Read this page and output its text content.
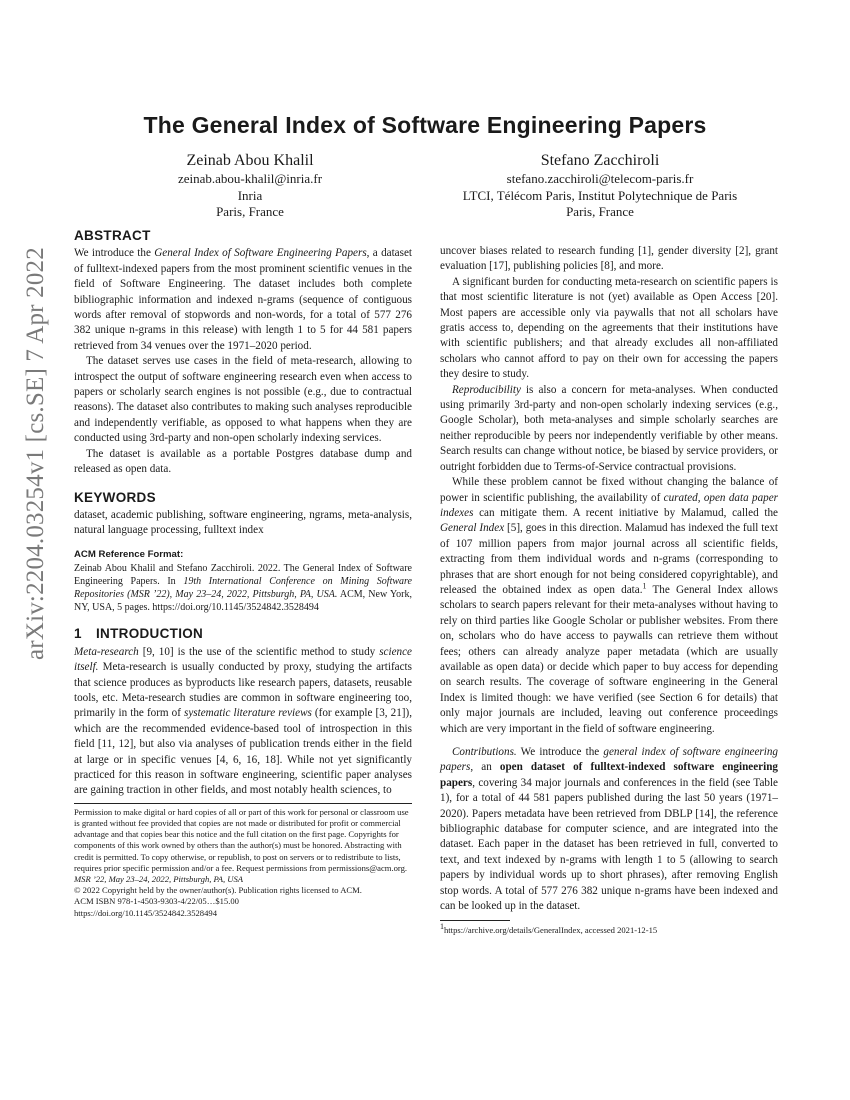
arXiv:2204.03254v1 [cs.SE] 7 Apr 2022
The General Index of Software Engineering Papers
Zeinab Abou Khalil
zeinab.abou-khalil@inria.fr
Inria
Paris, France
Stefano Zacchiroli
stefano.zacchiroli@telecom-paris.fr
LTCI, Télécom Paris, Institut Polytechnique de Paris
Paris, France
ABSTRACT

We introduce the General Index of Software Engineering Papers, a dataset of fulltext-indexed papers from the most prominent scientific venues in the field of Software Engineering. The dataset includes both complete bibliographic information and indexed n-grams (sequence of contiguous words after removal of stopwords and non-words, for a total of 577 276 382 unique n-grams in this release) with length 1 to 5 for 44 581 papers retrieved from 34 venues over the 1971–2020 period.

The dataset serves use cases in the field of meta-research, allowing to introspect the output of software engineering research even when access to papers or scholarly search engines is not possible (e.g., due to contractual reasons). The dataset also contributes to making such analyses reproducible and independently verifiable, as opposed to what happens when they are conducted using 3rd-party and non-open scholarly indexing services.

The dataset is available as a portable Postgres database dump and released as open data.

KEYWORDS

dataset, academic publishing, software engineering, ngrams, meta-analysis, natural language processing, fulltext index

ACM Reference Format:

Zeinab Abou Khalil and Stefano Zacchiroli. 2022. The General Index of Software Engineering Papers. In 19th International Conference on Mining Software Repositories (MSR ’22), May 23–24, 2022, Pittsburgh, PA, USA. ACM, New York, NY, USA, 5 pages. https://doi.org/10.1145/3524842.3528494

1 INTRODUCTION

Meta-research [9, 10] is the use of the scientific method to study science itself. Meta-research is usually conducted by proxy, studying the artifacts that science produces as byproducts like research papers, datasets, reusable tools, etc. Meta-research studies are common in software engineering too, primarily in the form of systematic literature reviews (for example [3, 21]), which are the recommended evidence-based tool of introspection in this field [11, 12], but also via analyses of publication trends either in the field at large or in specific venues [4, 6, 16, 18]. While not yet significantly practiced for this reason in software engineering, scientific paper analyses are gaining traction in other fields, and most notably health sciences, to

Permission to make digital or hard copies of all or part of this work for personal or classroom use is granted without fee provided that copies are not made or distributed for profit or commercial advantage and that copies bear this notice and the full citation on the first page. Copyrights for components of this work owned by others than the author(s) must be honored. Abstracting with credit is permitted. To copy otherwise, or republish, to post on servers or to redistribute to lists, requires prior specific permission and/or a fee. Request permissions from permissions@acm.org.
MSR ’22, May 23–24, 2022, Pittsburgh, PA, USA
© 2022 Copyright held by the owner/author(s). Publication rights licensed to ACM.
ACM ISBN 978-1-4503-9303-4/22/05…$15.00
https://doi.org/10.1145/3524842.3528494

uncover biases related to research funding [1], gender diversity [2], grant evaluation [17], publishing policies [8], and more.

A significant burden for conducting meta-research on scientific papers is that most scientific literature is not (yet) available as Open Access [20]. Most papers are accessible only via paywalls that not all scholars have gratis access to, depending on the agreements that their institutions have with scientific publishers; and that already excludes all non-affiliated scholars who cannot afford to pay on their own for accessing the papers they desire to study.

Reproducibility is also a concern for meta-analyses. When conducted using primarily 3rd-party and non-open scholarly indexing services (e.g., Google Scholar), both meta-analyses and simple scholarly searches are neither reproducible by peers nor independently verifiable by other means. Search results can change without notice, be biased by service providers, or outright forbidden due to Terms-of-Service contractual provisions.

While these problem cannot be fixed without changing the balance of power in scientific publishing, the availability of curated, open data paper indexes can mitigate them. A recent initiative by Malamud, called the General Index [5], goes in this direction. Malamud has indexed the full text of 107 million papers from major journal across all scientific fields, extracting from them individual words and n-grams (corresponding to phrases that are short enough for not being considered copyrightable), and released the obtained index as open data.$^1$ The General Index allows scholars to search papers relevant for their meta-analyses without having to rely on third parties like Google Scholar or publisher websites. From there on, scholars who do have access to paywalls can retrieve them without fees; others can already analyze paper metadata (which are usually available as open data) or decide which paper to buy access for depending on search results. The coverage of software engineering in the General Index is limited though: we have verified (see Section 6 for details) that only major journals are included, leaving out conference proceedings which are very important in the field of software engineering.

Contributions. We introduce the general index of software engineering papers, an open dataset of fulltext-indexed software engineering papers, covering 34 major journals and conferences in the field (see Table 1), for a total of 44 581 papers published during the last 50 years (1971–2020). Papers metadata have been retrieved from DBLP [14], the reference bibliographic database for computer science, and are integrated into the dataset. Each paper in the dataset has been retrieved in full, converted to text, and text indexed by n-grams with length 1 to 5 (allowing to search papers by individual words up to short phrases), after removing English stop words. A total of 577 276 382 unique n-grams have been indexed and can be looked up in the dataset.

1https://archive.org/details/GeneralIndex, accessed 2021-12-15
